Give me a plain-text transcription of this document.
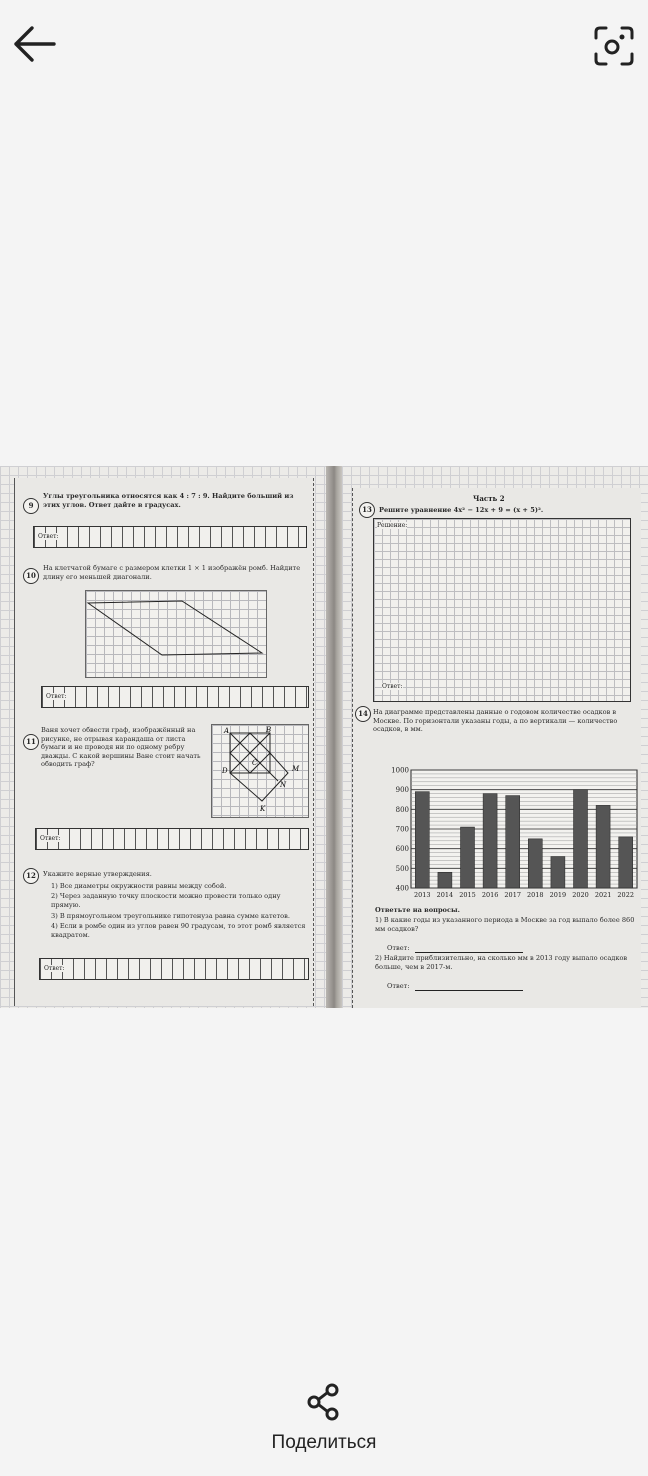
9
Углы треугольника относятся как 4 : 7 : 9. Найдите больший из этих углов. Ответ дайте в градусах.
Ответ:
10
На клетчатой бумаге с размером клетки 1 × 1 изображён ромб. Найдите длину его меньшей диагонали.
Ответ:
11
Ваня хочет обвести граф, изображённый на рисунке, не отрывая карандаша от листа бумаги и не проводя ни по одному ребру дважды. С какой вершины Ване стоит начать обводить граф?
A	B
C
D	M
N
K
Ответ:
12	Укажите верные утверждения.
1) Все диаметры окружности равны между собой.
2) Через заданную точку плоскости можно провести только одну прямую.
3) В прямоугольном треугольнике гипотенуза равна сумме катетов.
4) Если в ромбе один из углов равен 90 градусам, то этот ромб является квадратом.
Ответ:
Часть 2
13	Решите уравнение 4x² − 12x + 9 = (x + 5)².
Решение:
Ответ:
14 На диаграмме представлены данные о годовом количестве осадков в Москве. По горизонтали указаны годы, а по вертикали — количество осадков, в мм.
400
500
600
700
800
900
1000
2013 2014 2015 2016 2017 2018 2019 2020 2021 2022
Ответьте на вопросы.
1) В какие годы из указанного периода в Москве за год выпало более 860 мм осадков?
Ответ:
2) Найдите приблизительно, на сколько мм в 2013 году выпало осадков больше, чем в 2017-м.
Ответ:
Поделиться
